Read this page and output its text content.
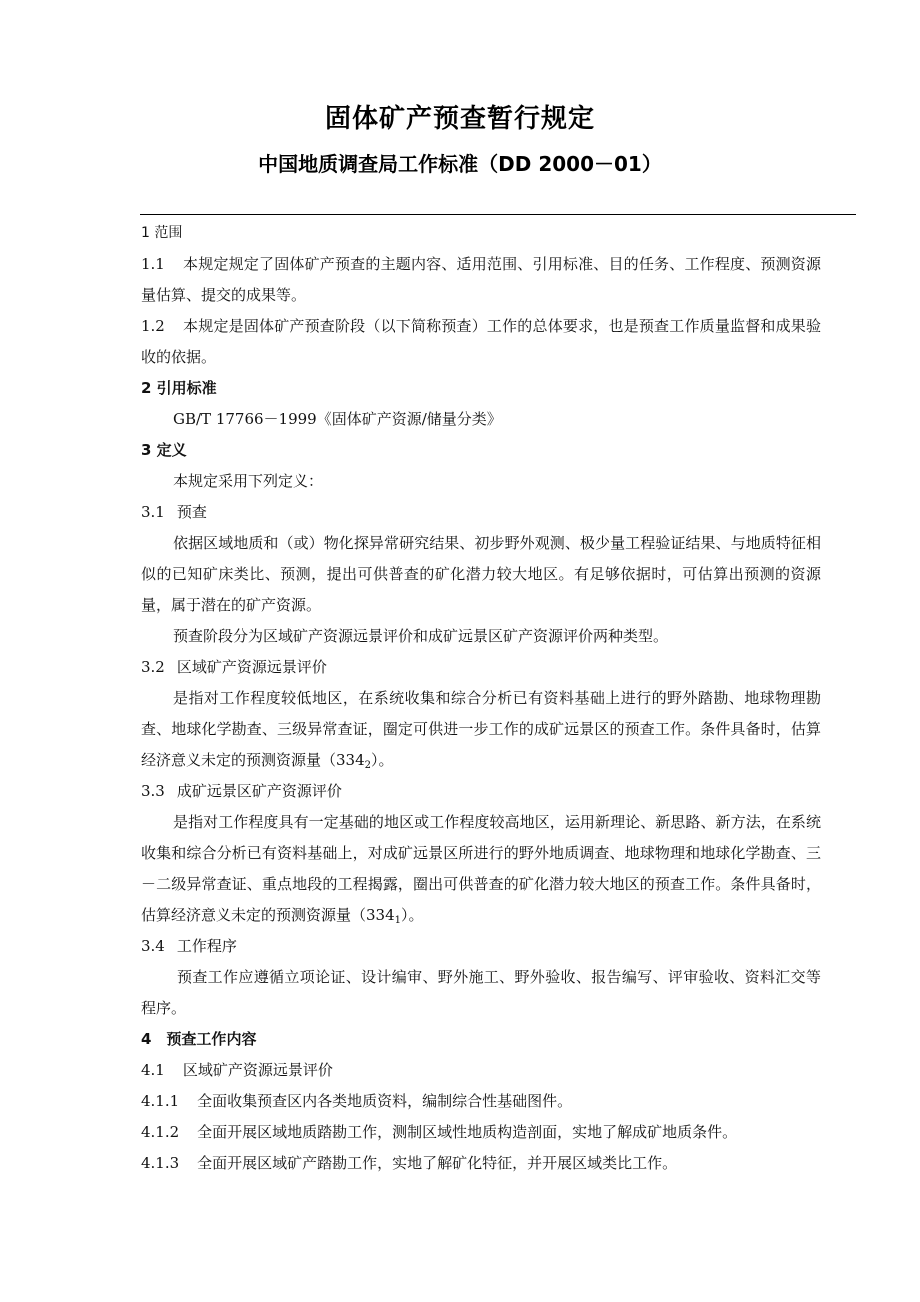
固体矿产预查暂行规定
中国地质调查局工作标准（DD 2000－01）

1 范围

1.1 本规定规定了固体矿产预查的主题内容、适用范围、引用标准、目的任务、工作程度、预测资源量估算、提交的成果等。

1.2 本规定是固体矿产预查阶段（以下简称预查）工作的总体要求，也是预查工作质量监督和成果验收的依据。

2 引用标准

GB/T 17766－1999《固体矿产资源/储量分类》

3 定义

本规定采用下列定义：

3.1 预查

依据区域地质和（或）物化探异常研究结果、初步野外观测、极少量工程验证结果、与地质特征相似的已知矿床类比、预测，提出可供普查的矿化潜力较大地区。有足够依据时，可估算出预测的资源量，属于潜在的矿产资源。

预查阶段分为区域矿产资源远景评价和成矿远景区矿产资源评价两种类型。

3.2 区域矿产资源远景评价

是指对工作程度较低地区，在系统收集和综合分析已有资料基础上进行的野外踏勘、地球物理勘查、地球化学勘查、三级异常查证，圈定可供进一步工作的成矿远景区的预查工作。条件具备时，估算经济意义未定的预测资源量$(334_2)$。

3.3 成矿远景区矿产资源评价

是指对工作程度具有一定基础的地区或工作程度较高地区，运用新理论、新思路、新方法，在系统收集和综合分析已有资料基础上，对成矿远景区所进行的野外地质调查、地球物理和地球化学勘查、三－二级异常查证、重点地段的工程揭露，圈出可供普查的矿化潜力较大地区的预查工作。条件具备时，估算经济意义未定的预测资源量$(334_1)$。

3.4 工作程序

预查工作应遵循立项论证、设计编审、野外施工、野外验收、报告编写、评审验收、资料汇交等程序。

4　预查工作内容

4.1 区域矿产资源远景评价

4.1.1 全面收集预查区内各类地质资料，编制综合性基础图件。

4.1.2 全面开展区域地质踏勘工作，测制区域性地质构造剖面，实地了解成矿地质条件。

4.1.3 全面开展区域矿产踏勘工作，实地了解矿化特征，并开展区域类比工作。
